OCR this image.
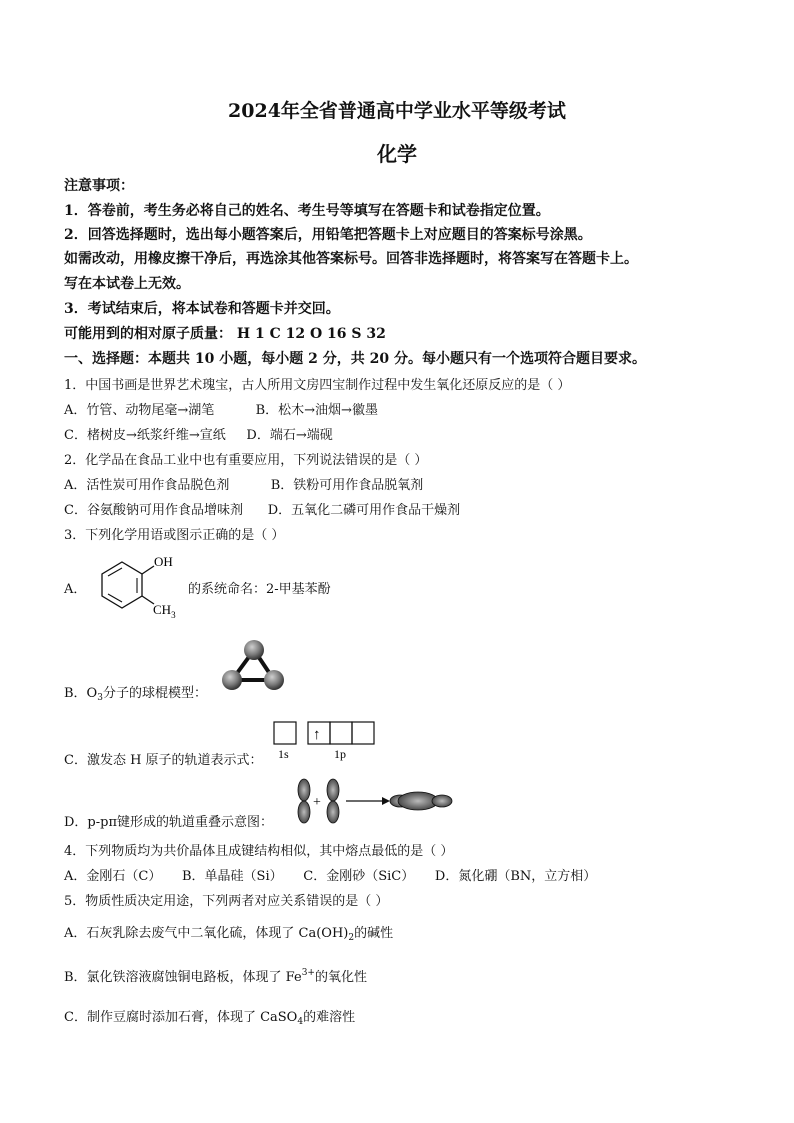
2024年全省普通高中学业水平等级考试
化学
注意事项：
1．答卷前，考生务必将自己的姓名、考生号等填写在答题卡和试卷指定位置。
2．回答选择题时，选出每小题答案后，用铅笔把答题卡上对应题目的答案标号涂黑。
如需改动，用橡皮擦干净后，再选涂其他答案标号。回答非选择题时，将答案写在答题卡上。
写在本试卷上无效。
3．考试结束后，将本试卷和答题卡并交回。
可能用到的相对原子质量： H 1 C 12 O 16 S 32
一、选择题：本题共 10 小题，每小题 2 分，共 20 分。每小题只有一个选项符合题目要求。
1．中国书画是世界艺术瑰宝，古人所用文房四宝制作过程中发生氧化还原反应的是（ ）
A．竹管、动物尾毫→湖笔          B．松木→油烟→徽墨
C．楮树皮→纸浆纤维→宣纸     D．端石→端砚
2．化学品在食品工业中也有重要应用，下列说法错误的是（ ）
A．活性炭可用作食品脱色剂          B．铁粉可用作食品脱氧剂
C．谷氨酸钠可用作食品增味剂      D．五氧化二磷可用作食品干燥剂
3．下列化学用语或图示正确的是（ ）
A．
OH
$CH_3$
的系统命名：2-甲基苯酚
B．$O_3$分子的球棍模型：
C．激发态 H 原子的轨道表示式：
↑
1s	1p
D．p-pπ键形成的轨道重叠示意图：
+
4．下列物质均为共价晶体且成键结构相似，其中熔点最低的是（ ）
A．金刚石（C）     B．单晶硅（Si）     C．金刚砂（SiC）     D．氮化硼（BN，立方相）
5．物质性质决定用途，下列两者对应关系错误的是（ ）
A．石灰乳除去废气中二氧化硫，体现了 $Ca(OH)_2$的碱性
B．氯化铁溶液腐蚀铜电路板，体现了 $Fe^{3+}$的氧化性
C．制作豆腐时添加石膏，体现了 CaSO$_4$的难溶性
